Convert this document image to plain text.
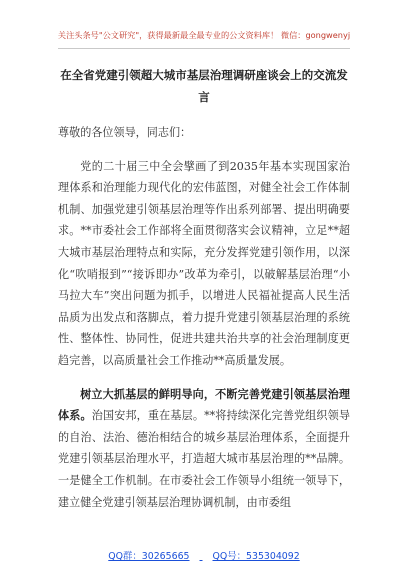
关注头条号"公文研究"，获得最新最全最专业的公文资料库！ 微信：gongwenyj
在全省党建引领超大城市基层治理调研座谈会上的交流发言
尊敬的各位领导，同志们：

党的二十届三中全会擘画了到2035年基本实现国家治理体系和治理能力现代化的宏伟蓝图，对健全社会工作体制机制、加强党建引领基层治理等作出系列部署、提出明确要求。**市委社会工作部将全面贯彻落实会议精神，立足**超大城市基层治理特点和实际，充分发挥党建引领作用，以深化“吹哨报到”“接诉即办”改革为牵引，以破解基层治理“小马拉大车”突出问题为抓手，以增进人民福祉提高人民生活品质为出发点和落脚点，着力提升党建引领基层治理的系统性、整体性、协同性，促进共建共治共享的社会治理制度更趋完善，以高质量社会工作推动**高质量发展。

树立大抓基层的鲜明导向，不断完善党建引领基层治理体系。治国安邦，重在基层。**将持续深化完善党组织领导的自治、法治、德治相结合的城乡基层治理体系，全面提升党建引领基层治理水平，打造超大城市基层治理的**品牌。一是健全工作机制。在市委社会工作领导小组统一领导下，建立健全党建引领基层治理协调机制，由市委组

QQ群：30265665 QQ号：535304092
